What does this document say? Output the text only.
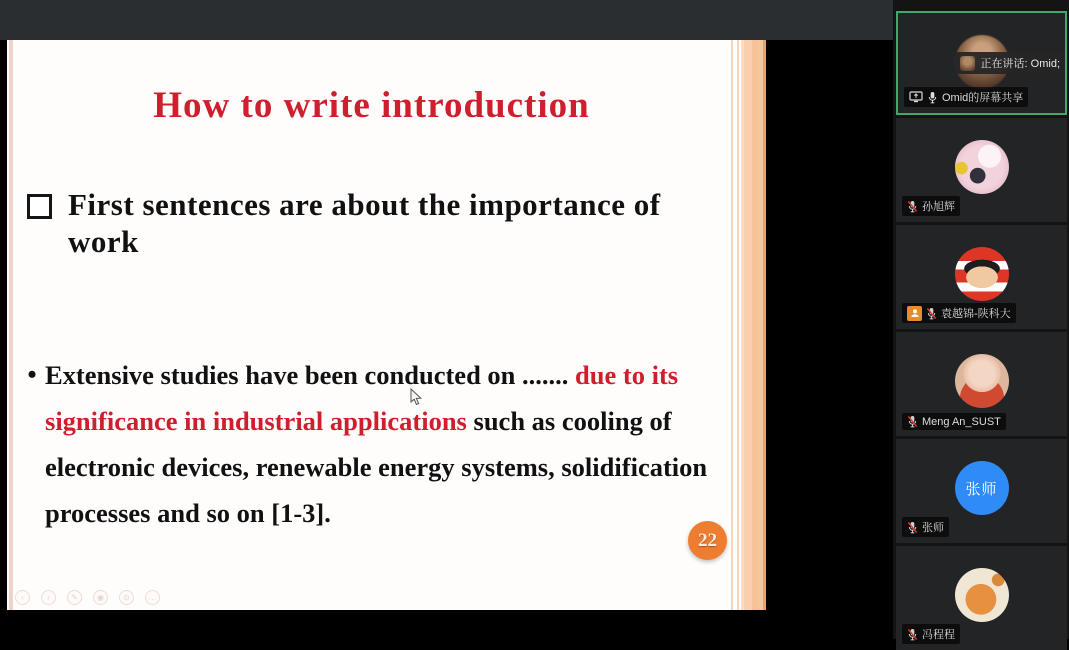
How to write introduction
First sentences are about the importance of work
• Extensive studies have been conducted on ....... due to its significance in industrial applications such as cooling of electronic devices, renewable energy systems, solidification processes and so on [1-3].
22
‹	›	✎	◉	⊙	…
正在讲话: Omid;
Omid的屏幕共享
孙旭辉
袁越锦-陕科大
Meng An_SUST
张师
张师
冯程程
